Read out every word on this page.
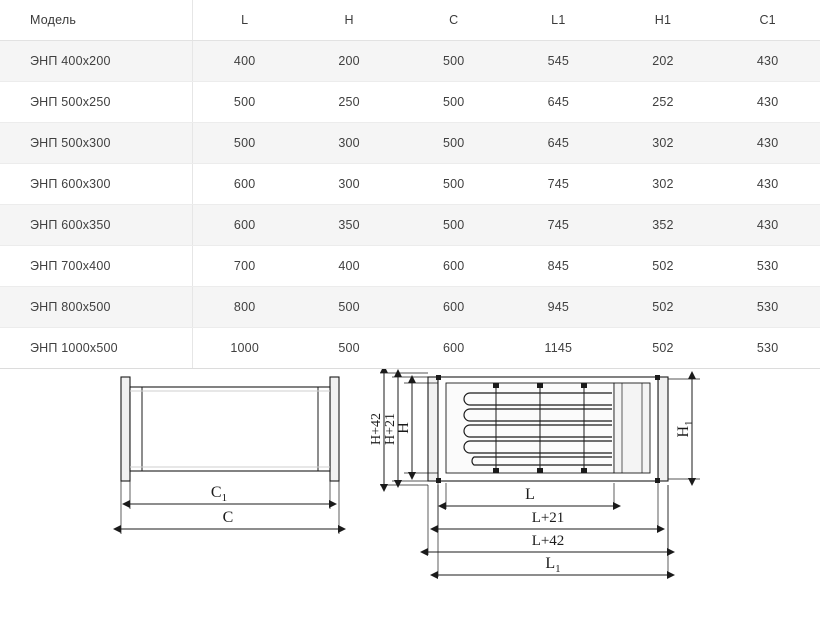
Модель	L	H	C	L1	H1	C1
ЭНП 400х200	400	200	500	545	202	430
ЭНП 500х250	500	250	500	645	252	430
ЭНП 500х300	500	300	500	645	302	430
ЭНП 600х300	600	300	500	745	302	430
ЭНП 600х350	600	350	500	745	352	430
ЭНП 700х400	700	400	600	845	502	530
ЭНП 800х500	800	500	600	945	502	530
ЭНП 1000х500	1000	500	600	1145	502	530
$C_1$
C
H
H+21
H+42	$H_1$
L
L+21
L+42
$L_1$
